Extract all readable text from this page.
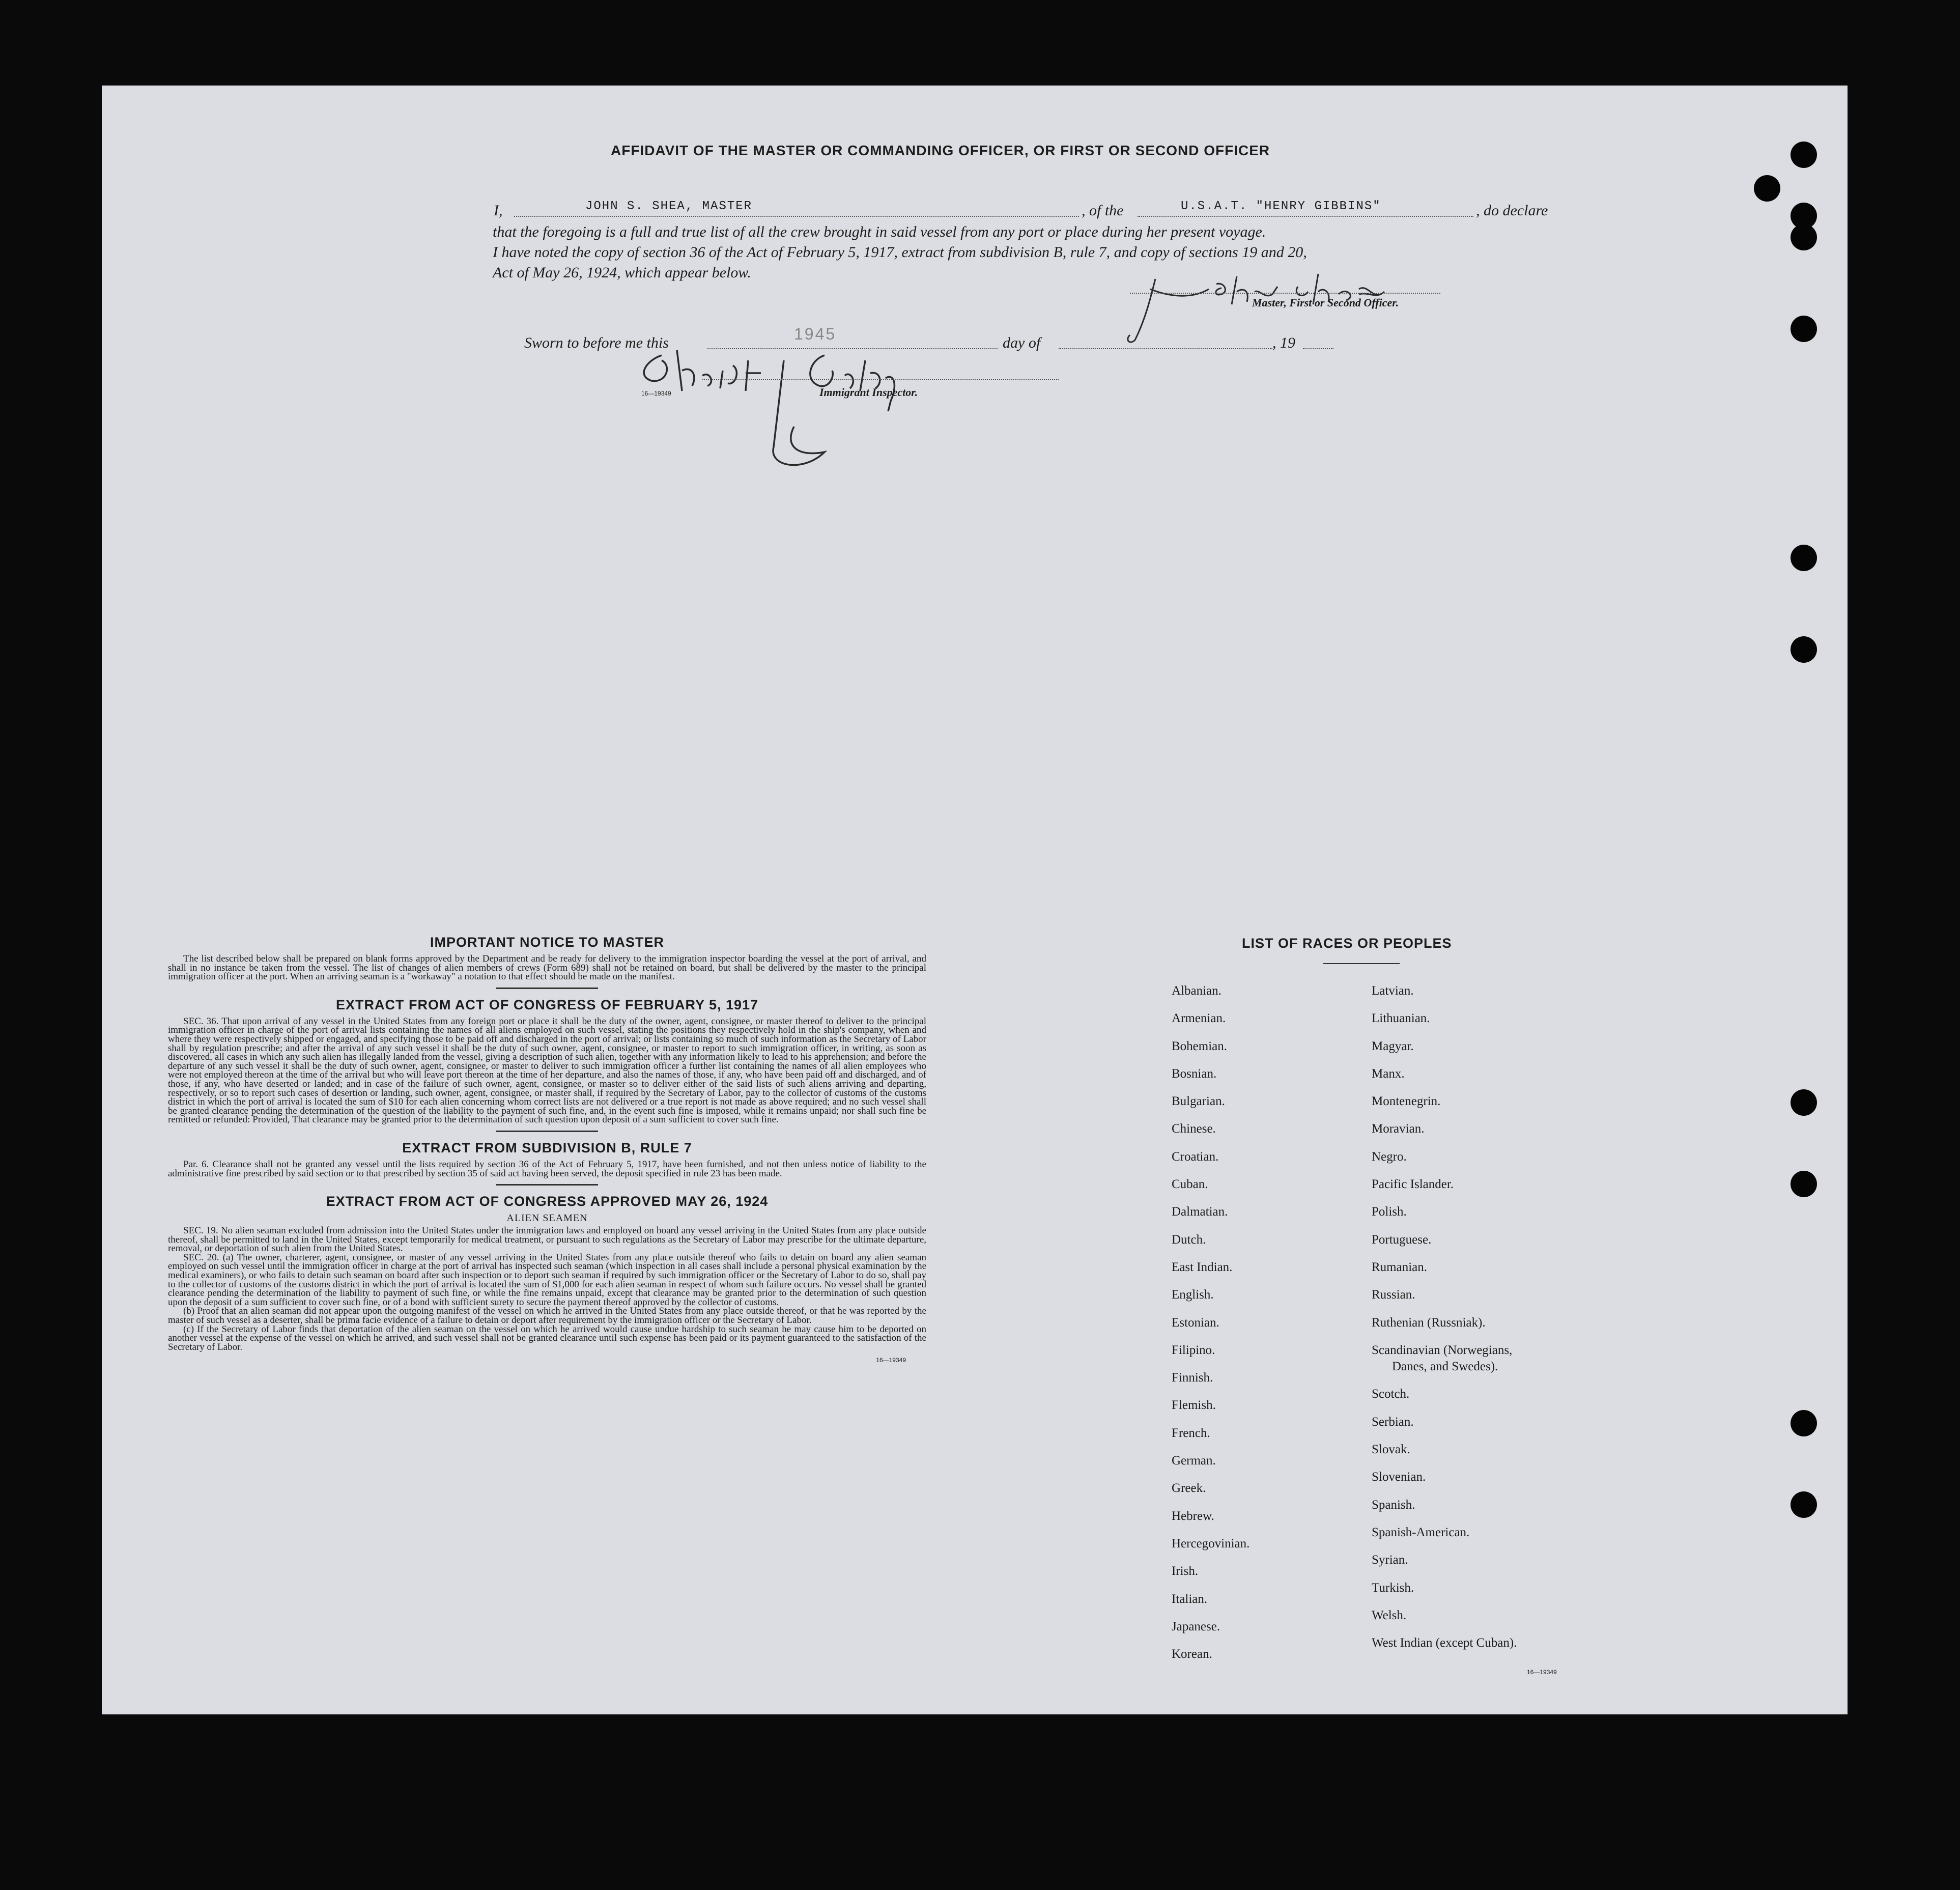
AFFIDAVIT OF THE MASTER OR COMMANDING OFFICER, OR FIRST OR SECOND OFFICER
I,	JOHN S. SHEA, MASTER	, of the	U.S.A.T. "HENRY GIBBINS"	, do declare
that the foregoing is a full and true list of all the crew brought in said vessel from any port or place during her present voyage.
I have noted the copy of section 36 of the Act of February 5, 1917, extract from subdivision B, rule 7, and copy of sections 19 and 20,
Act of May 26, 1924, which appear below.
Master, First or Second Officer.
Sworn to before me this	1945	day of	, 19
16—19349	Immigrant Inspector.
IMPORTANT NOTICE TO MASTER

The list described below shall be prepared on blank forms approved by the Department and be ready for delivery to the immigration inspector boarding the vessel at the port of arrival, and shall in no instance be taken from the vessel. The list of changes of alien members of crews (Form 689) shall not be retained on board, but shall be delivered by the master to the principal immigration officer at the port. When an arriving seaman is a "workaway" a notation to that effect should be made on the manifest.

EXTRACT FROM ACT OF CONGRESS OF FEBRUARY 5, 1917

SEC. 36. That upon arrival of any vessel in the United States from any foreign port or place it shall be the duty of the owner, agent, consignee, or master thereof to deliver to the principal immigration officer in charge of the port of arrival lists containing the names of all aliens employed on such vessel, stating the positions they respectively hold in the ship's company, when and where they were respectively shipped or engaged, and specifying those to be paid off and discharged in the port of arrival; or lists containing so much of such information as the Secretary of Labor shall by regulation prescribe; and after the arrival of any such vessel it shall be the duty of such owner, agent, consignee, or master to report to such immigration officer, in writing, as soon as discovered, all cases in which any such alien has illegally landed from the vessel, giving a description of such alien, together with any information likely to lead to his apprehension; and before the departure of any such vessel it shall be the duty of such owner, agent, consignee, or master to deliver to such immigration officer a further list containing the names of all alien employees who were not employed thereon at the time of the arrival but who will leave port thereon at the time of her departure, and also the names of those, if any, who have been paid off and discharged, and of those, if any, who have deserted or landed; and in case of the failure of such owner, agent, consignee, or master so to deliver either of the said lists of such aliens arriving and departing, respectively, or so to report such cases of desertion or landing, such owner, agent, consignee, or master shall, if required by the Secretary of Labor, pay to the collector of customs of the customs district in which the port of arrival is located the sum of $10 for each alien concerning whom correct lists are not delivered or a true report is not made as above required; and no such vessel shall be granted clearance pending the determination of the question of the liability to the payment of such fine, and, in the event such fine is imposed, while it remains unpaid; nor shall such fine be remitted or refunded: Provided, That clearance may be granted prior to the determination of such question upon deposit of a sum sufficient to cover such fine.

EXTRACT FROM SUBDIVISION B, RULE 7

Par. 6. Clearance shall not be granted any vessel until the lists required by section 36 of the Act of February 5, 1917, have been furnished, and not then unless notice of liability to the administrative fine prescribed by said section or to that prescribed by section 35 of said act having been served, the deposit specified in rule 23 has been made.

EXTRACT FROM ACT OF CONGRESS APPROVED MAY 26, 1924
ALIEN SEAMEN

SEC. 19. No alien seaman excluded from admission into the United States under the immigration laws and employed on board any vessel arriving in the United States from any place outside thereof, shall be permitted to land in the United States, except temporarily for medical treatment, or pursuant to such regulations as the Secretary of Labor may prescribe for the ultimate departure, removal, or deportation of such alien from the United States.

SEC. 20. (a) The owner, charterer, agent, consignee, or master of any vessel arriving in the United States from any place outside thereof who fails to detain on board any alien seaman employed on such vessel until the immigration officer in charge at the port of arrival has inspected such seaman (which inspection in all cases shall include a personal physical examination by the medical examiners), or who fails to detain such seaman on board after such inspection or to deport such seaman if required by such immigration officer or the Secretary of Labor to do so, shall pay to the collector of customs of the customs district in which the port of arrival is located the sum of $1,000 for each alien seaman in respect of whom such failure occurs. No vessel shall be granted clearance pending the determination of the liability to payment of such fine, or while the fine remains unpaid, except that clearance may be granted prior to the determination of such question upon the deposit of a sum sufficient to cover such fine, or of a bond with sufficient surety to secure the payment thereof approved by the collector of customs.

(b) Proof that an alien seaman did not appear upon the outgoing manifest of the vessel on which he arrived in the United States from any place outside thereof, or that he was reported by the master of such vessel as a deserter, shall be prima facie evidence of a failure to detain or deport after requirement by the immigration officer or the Secretary of Labor.

(c) If the Secretary of Labor finds that deportation of the alien seaman on the vessel on which he arrived would cause undue hardship to such seaman he may cause him to be deported on another vessel at the expense of the vessel on which he arrived, and such vessel shall not be granted clearance until such expense has been paid or its payment guaranteed to the satisfaction of the Secretary of Labor.

16—19349
LIST OF RACES OR PEOPLES
Albanian.
Armenian.
Bohemian.
Bosnian.
Bulgarian.
Chinese.
Croatian.
Cuban.
Dalmatian.
Dutch.
East Indian.
English.
Estonian.
Filipino.
Finnish.
Flemish.
French.
German.
Greek.
Hebrew.
Hercegovinian.
Irish.
Italian.
Japanese.
Korean.
Latvian.
Lithuanian.
Magyar.
Manx.
Montenegrin.
Moravian.
Negro.
Pacific Islander.
Polish.
Portuguese.
Rumanian.
Russian.
Ruthenian (Russniak).
Scandinavian (Norwegians,
Danes, and Swedes).
Scotch.
Serbian.
Slovak.
Slovenian.
Spanish.
Spanish-American.
Syrian.
Turkish.
Welsh.
West Indian (except Cuban).
16—19349
